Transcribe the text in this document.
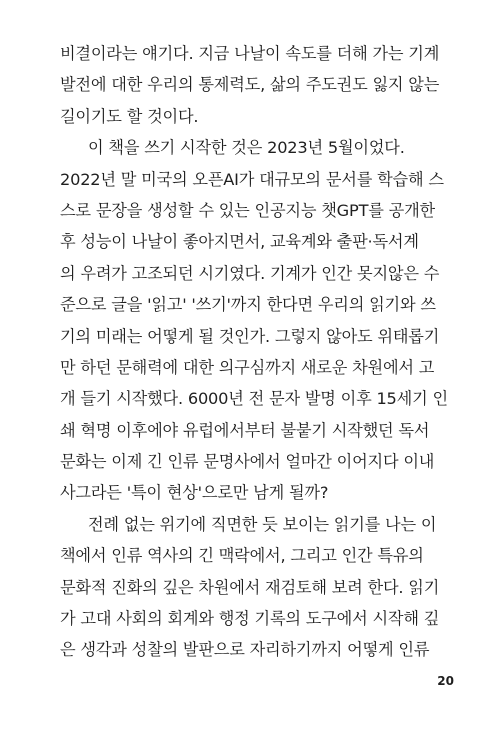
비결이라는 얘기다. 지금 나날이 속도를 더해 가는 기계
발전에 대한 우리의 통제력도, 삶의 주도권도 잃지 않는
길이기도 할 것이다.
이 책을 쓰기 시작한 것은 2023년 5월이었다.
2022년 말 미국의 오픈AI가 대규모의 문서를 학습해 스
스로 문장을 생성할 수 있는 인공지능 챗GPT를 공개한
후 성능이 나날이 좋아지면서, 교육계와 출판·독서계
의 우려가 고조되던 시기였다. 기계가 인간 못지않은 수
준으로 글을 '읽고' '쓰기'까지 한다면 우리의 읽기와 쓰
기의 미래는 어떻게 될 것인가. 그렇지 않아도 위태롭기
만 하던 문해력에 대한 의구심까지 새로운 차원에서 고
개 들기 시작했다. 6000년 전 문자 발명 이후 15세기 인
쇄 혁명 이후에야 유럽에서부터 불붙기 시작했던 독서
문화는 이제 긴 인류 문명사에서 얼마간 이어지다 이내
사그라든 '특이 현상'으로만 남게 될까?
전례 없는 위기에 직면한 듯 보이는 읽기를 나는 이
책에서 인류 역사의 긴 맥락에서, 그리고 인간 특유의
문화적 진화의 깊은 차원에서 재검토해 보려 한다. 읽기
가 고대 사회의 회계와 행정 기록의 도구에서 시작해 깊
은 생각과 성찰의 발판으로 자리하기까지 어떻게 인류
20
